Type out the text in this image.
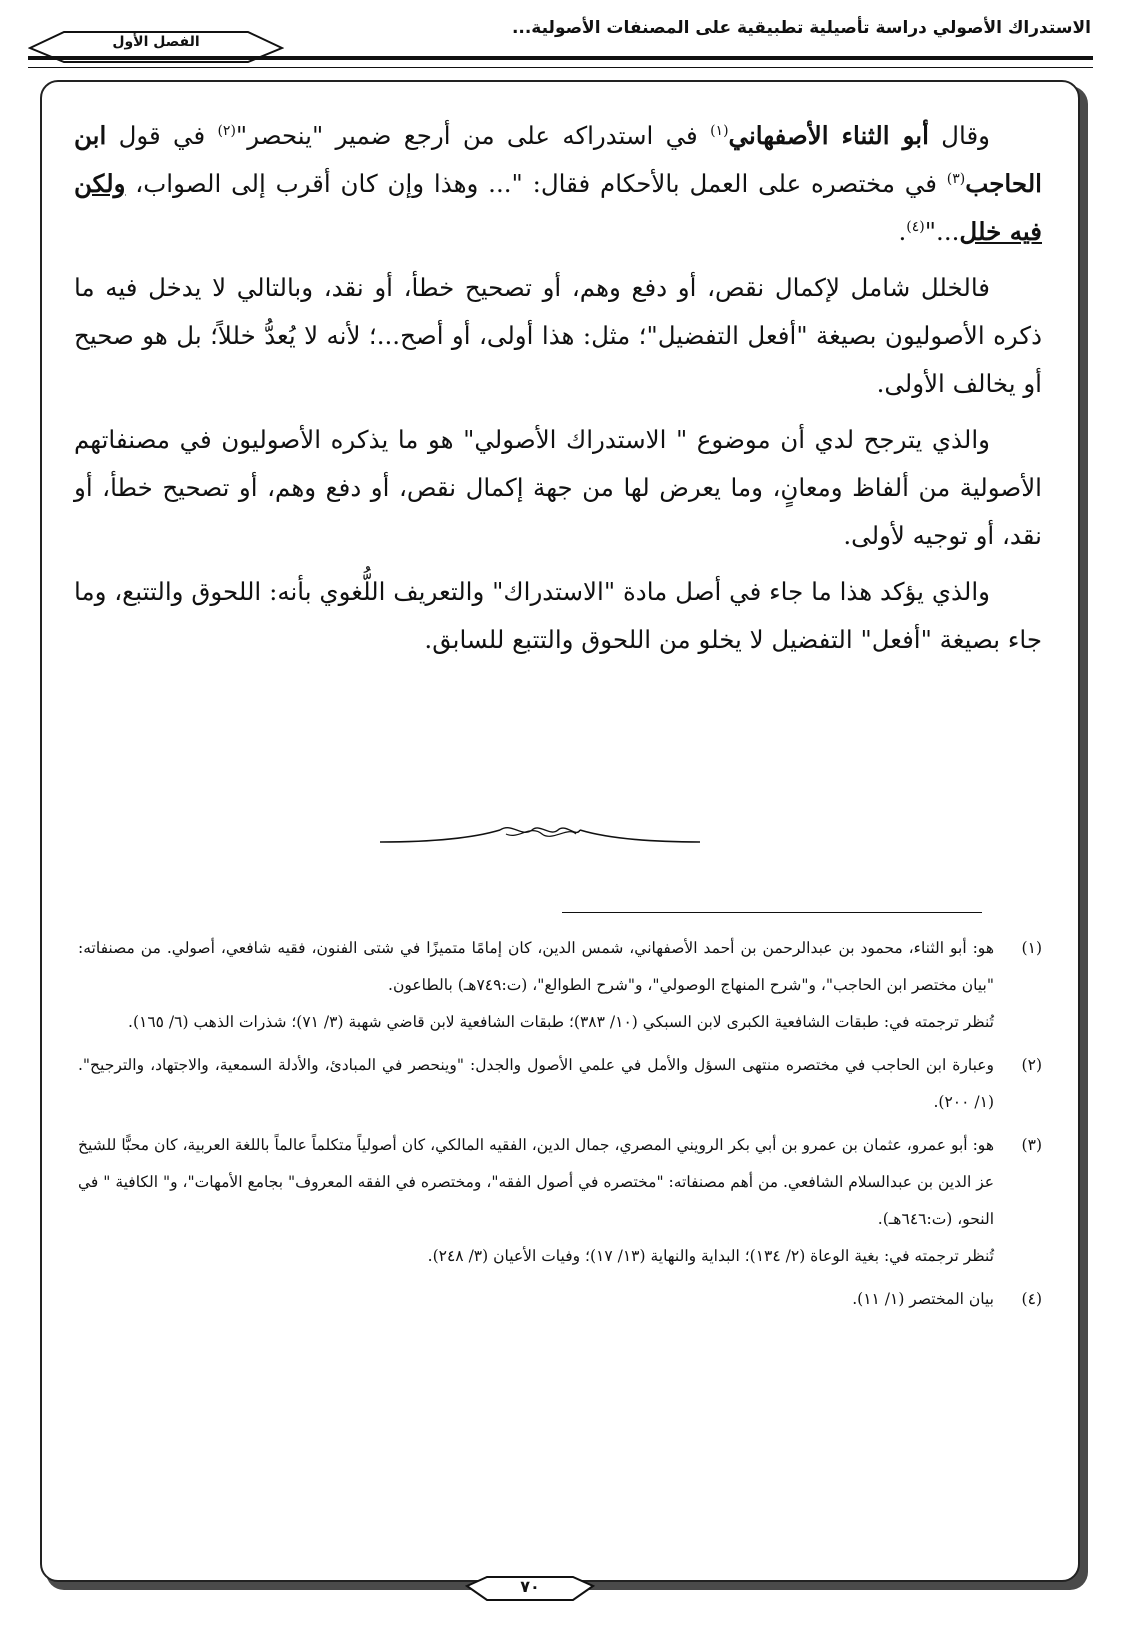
الاستدراك الأصولي دراسة تأصيلية تطبيقية على المصنفات الأصولية...
الفصل الأول

وقال أبو الثناء الأصفهاني$^{(١)}$ في استدراكه على من أرجع ضمير "ينحصر"$^{(٢)}$ في قول ابن الحاجب$^{(٣)}$ في مختصره على العمل بالأحكام فقال: "... وهذا وإن كان أقرب إلى الصواب، ولكن فيه خلل..."$^{(٤)}$.

فالخلل شامل لإكمال نقص، أو دفع وهم، أو تصحيح خطأ، أو نقد، وبالتالي لا يدخل فيه ما ذكره الأصوليون بصيغة "أفعل التفضيل"؛ مثل: هذا أولى، أو أصح...؛ لأنه لا يُعدُّ خللاً؛ بل هو صحيح أو يخالف الأولى.

والذي يترجح لدي أن موضوع " الاستدراك الأصولي" هو ما يذكره الأصوليون في مصنفاتهم الأصولية من ألفاظ ومعانٍ، وما يعرض لها من جهة إكمال نقص، أو دفع وهم، أو تصحيح خطأ، أو نقد، أو توجيه لأولى.

والذي يؤكد هذا ما جاء في أصل مادة "الاستدراك" والتعريف اللُّغوي بأنه: اللحوق والتتبع، وما جاء بصيغة "أفعل" التفضيل لا يخلو من اللحوق والتتبع للسابق.

(١)

هو: أبو الثناء، محمود بن عبدالرحمن بن أحمد الأصفهاني، شمس الدين، كان إمامًا متميزًا في شتى الفنون، فقيه شافعي، أصولي. من مصنفاته: "بيان مختصر ابن الحاجب"، و"شرح المنهاج الوصولي"، و"شرح الطوالع"، (ت:٧٤٩هـ) بالطاعون.

تُنظر ترجمته في: طبقات الشافعية الكبرى لابن السبكي (١٠/ ٣٨٣)؛ طبقات الشافعية لابن قاضي شهبة (٣/ ٧١)؛ شذرات الذهب (٦/ ١٦٥).

(٢)

وعبارة ابن الحاجب في مختصره منتهى السؤل والأمل في علمي الأصول والجدل: "وينحصر في المبادئ، والأدلة السمعية، والاجتهاد، والترجيح". (١/ ٢٠٠).

(٣)

هو: أبو عمرو، عثمان بن عمرو بن أبي بكر الرويني المصري، جمال الدين، الفقيه المالكي، كان أصولياً متكلماً عالماً باللغة العربية، كان محبًّا للشيخ عز الدين بن عبدالسلام الشافعي. من أهم مصنفاته: "مختصره في أصول الفقه"، ومختصره في الفقه المعروف" بجامع الأمهات"، و" الكافية " في النحو، (ت:٦٤٦هـ).

تُنظر ترجمته في: بغية الوعاة (٢/ ١٣٤)؛ البداية والنهاية (١٣/ ١٧)؛ وفيات الأعيان (٣/ ٢٤٨).

(٤)

بيان المختصر (١/ ١١).

٧٠
